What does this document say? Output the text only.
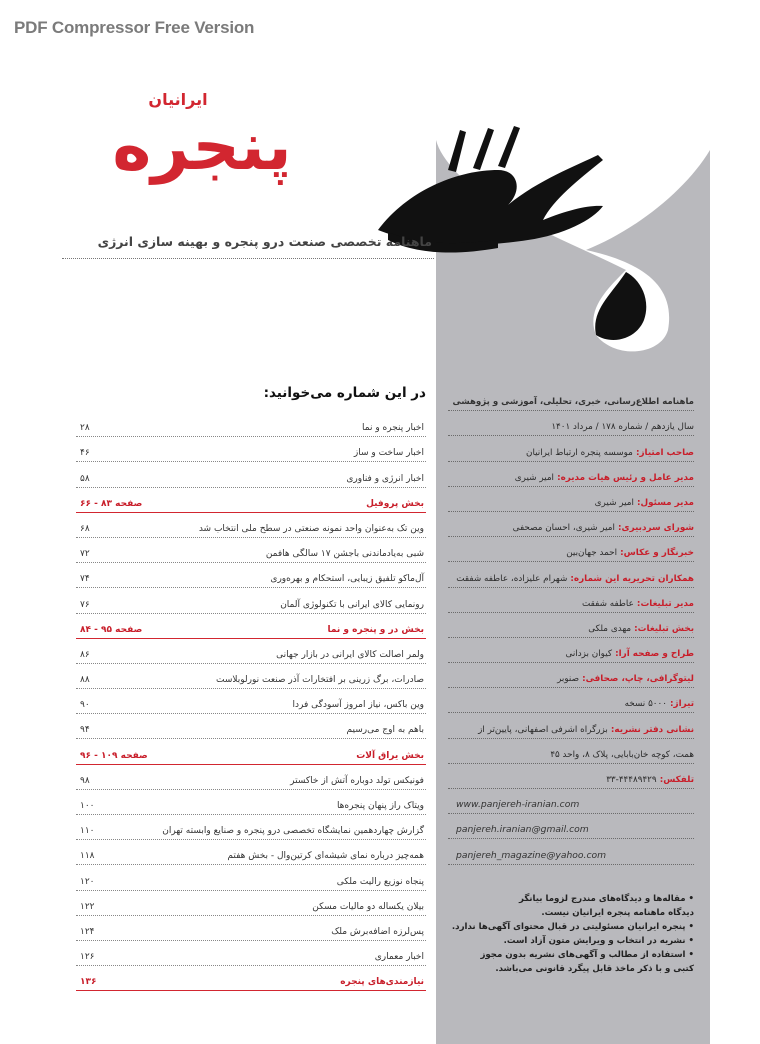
PDF Compressor Free Version
ایرانیان
پنجره
ماهنامه تخصصی صنعت درو پنجره و بهینه سازی انرژی
در این شماره می‌خوانید:
اخبار پنجره و نما
۲۸
اخبار ساخت و ساز
۴۶
اخبار انرژی و فناوری
۵۸
بخش پروفیل
صفحه ۸۳ - ۶۶
وین تک به‌عنوان واحد نمونه صنعتی در سطح ملی انتخاب شد
۶۸
شبی به‌یادماندنی باجشن ۱۷ سالگی هافمن
۷۲
آل‌ماکو تلفیق زیبایی، استحکام و بهره‌وری
۷۴
رونمایی کالای ایرانی با تکنولوژی آلمان
۷۶
بخش در و پنجره و نما
صفحه ۹۵ - ۸۴
ولمر اصالت کالای ایرانی در بازار جهانی
۸۶
صادرات، برگ زرینی بر افتخارات آذر صنعت نورلوبلاست
۸۸
وین باکس، نیاز امروز آسودگی فردا
۹۰
باهم به اوج می‌رسیم
۹۴
بخش یراق آلات
صفحه ۱۰۹ - ۹۶
فونیکس تولد دوباره آتش از خاکستر
۹۸
ویتاک راز پنهان پنجره‌ها
۱۰۰
گزارش چهاردهمین نمایشگاه تخصصی درو پنجره و صنایع وابسته تهران
۱۱۰
همه‌چیز درباره نمای شیشه‌ای کرتین‌وال - بخش هفتم
۱۱۸
پنجاه نوزیع رالیت ملکی
۱۲۰
بیلان یکساله دو مالیات مسکن
۱۲۲
پس‌لرزه اضافه‌برش ملک
۱۲۴
اخبار معماری
۱۲۶
نیازمندی‌های پنجره
۱۳۶
ماهنامه اطلاع‌رسانی، خبری، تحلیلی، آموزشی و پژوهشی
سال یازدهم / شماره ۱۷۸ / مرداد ۱۴۰۱
صاحب امتیاز: موسسه پنجره ارتباط ایرانیان
مدیر عامل و رئیس هیات مدیره: امیر شیری
مدیر مسئول: امیر شیری
شورای سردبیری: امیر شیری، احسان مصحفی
خبرنگار و عکاس: احمد جهان‌بین
همکاران تحریریه این شماره: شهرام علیزاده، عاطفه شفقت
مدیر تبلیغات: عاطفه شفقت
بخش تبلیغات: مهدی ملکی
طراح و صفحه آرا: کیوان بزدانی
لیتوگرافی، چاپ، صحافی: صنوبر
تیراژ: ۵۰۰۰ نسخه
نشانی دفتر نشریه: بزرگراه اشرفی اصفهانی، پایین‌تر از
همت، کوچه خان‌بابایی، پلاک ۸، واحد ۴۵
تلفکس: ۴۴۴۸۹۴۲۹-۳۳
www.panjereh-iranian.com
panjereh.iranian@gmail.com
panjereh_magazine@yahoo.com

• مقاله‌ها و دیدگاه‌های مندرج لزوما بیانگر

دیدگاه ماهنامه پنجره ایرانیان نیست.

• پنجره ایرانیان مسئولیتی در قبال محتوای آگهی‌ها ندارد.

• نشریه در انتخاب و ویرایش متون آزاد است.

• استفاده از مطالب و آگهی‌های نشریه بدون مجوز

کتبی و با ذکر ماخذ قابل پیگرد قانونی می‌باشد.
